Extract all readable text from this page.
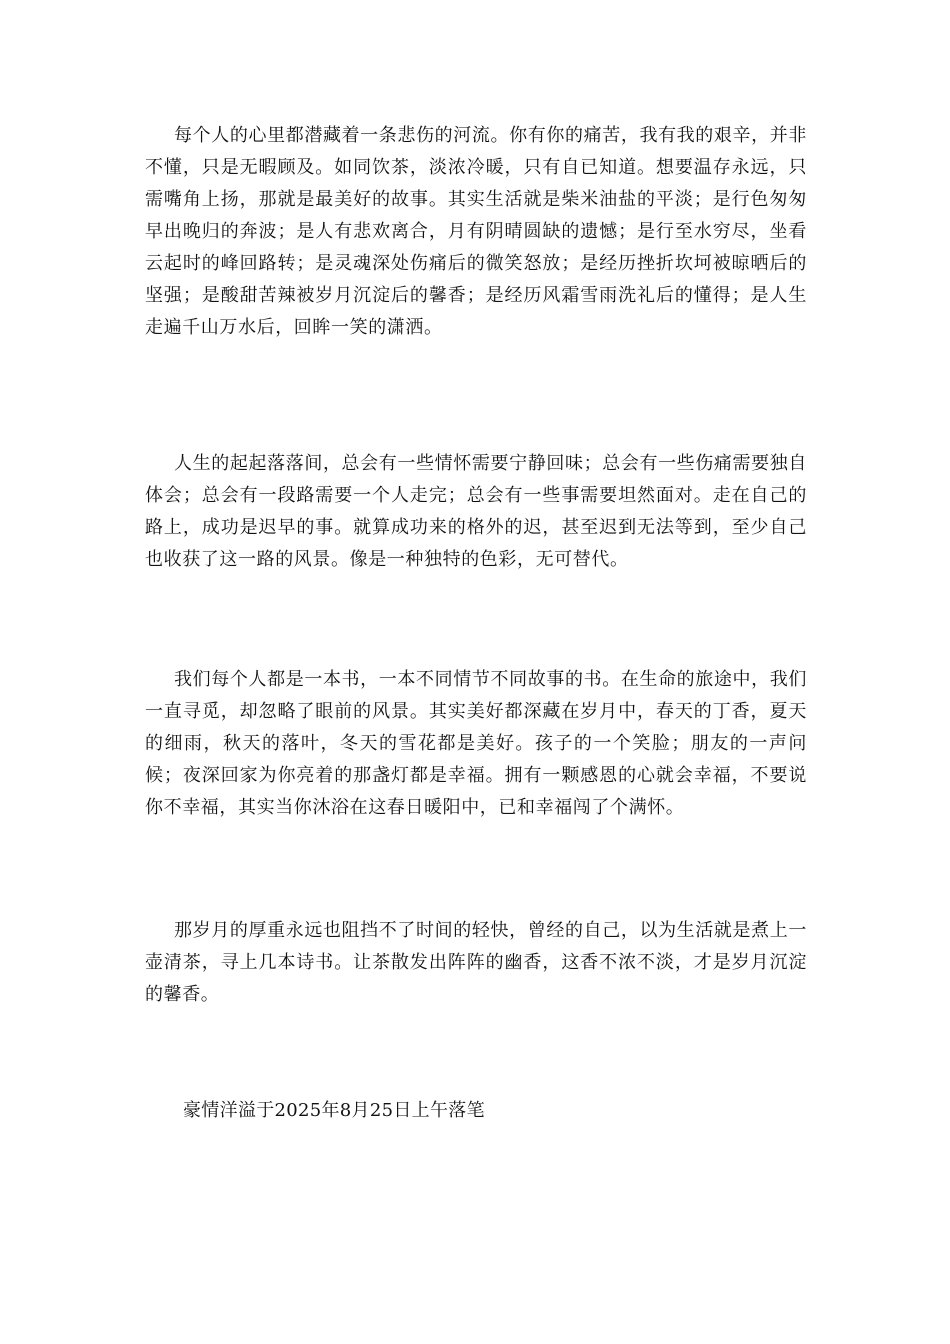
每个人的心里都潜藏着一条悲伤的河流。你有你的痛苦，我有我的艰辛，并非不懂，只是无暇顾及。如同饮茶，淡浓冷暖，只有自已知道。想要温存永远，只需嘴角上扬，那就是最美好的故事。其实生活就是柴米油盐的平淡；是行色匆匆早出晚归的奔波；是人有悲欢离合，月有阴晴圆缺的遗憾；是行至水穷尽，坐看云起时的峰回路转；是灵魂深处伤痛后的微笑怒放；是经历挫折坎坷被晾晒后的坚强；是酸甜苦辣被岁月沉淀后的馨香；是经历风霜雪雨洗礼后的懂得；是人生走遍千山万水后，回眸一笑的潇洒。

人生的起起落落间，总会有一些情怀需要宁静回味；总会有一些伤痛需要独自体会；总会有一段路需要一个人走完；总会有一些事需要坦然面对。走在自己的路上，成功是迟早的事。就算成功来的格外的迟，甚至迟到无法等到，至少自己也收获了这一路的风景。像是一种独特的色彩，无可替代。

我们每个人都是一本书，一本不同情节不同故事的书。在生命的旅途中，我们一直寻觅，却忽略了眼前的风景。其实美好都深藏在岁月中，春天的丁香，夏天的细雨，秋天的落叶，冬天的雪花都是美好。孩子的一个笑脸；朋友的一声问候；夜深回家为你亮着的那盏灯都是幸福。拥有一颗感恩的心就会幸福，不要说你不幸福，其实当你沐浴在这春日暖阳中，已和幸福闯了个满怀。

那岁月的厚重永远也阻挡不了时间的轻快，曾经的自己，以为生活就是煮上一壶清茶，寻上几本诗书。让茶散发出阵阵的幽香，这香不浓不淡，才是岁月沉淀的馨香。

豪情洋溢于2025年8月25日上午落笔
